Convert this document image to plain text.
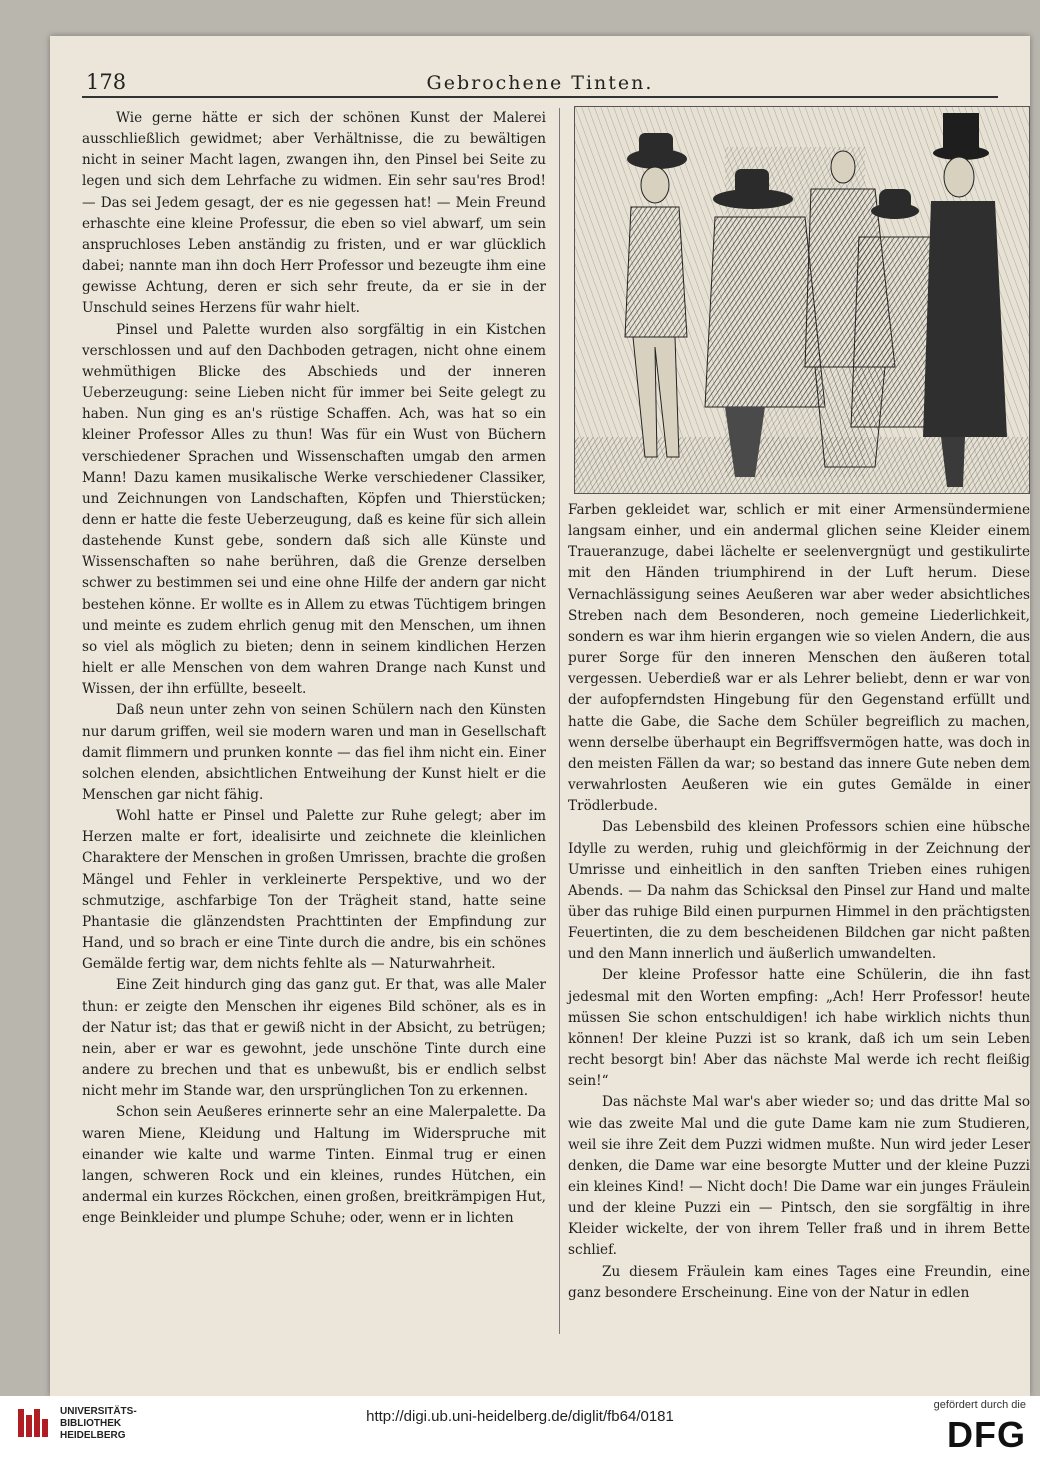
178	Gebrochene Tinten.

Wie gerne hätte er sich der schönen Kunst der Malerei ausschließlich gewidmet; aber Verhältnisse, die zu bewältigen nicht in seiner Macht lagen, zwangen ihn, den Pinsel bei Seite zu legen und sich dem Lehrfache zu widmen. Ein sehr sau'res Brod! — Das sei Jedem gesagt, der es nie gegessen hat! — Mein Freund erhaschte eine kleine Professur, die eben so viel abwarf, um sein anspruchloses Leben anständig zu fristen, und er war glücklich dabei; nannte man ihn doch Herr Professor und bezeugte ihm eine gewisse Achtung, deren er sich sehr freute, da er sie in der Unschuld seines Herzens für wahr hielt.

Pinsel und Palette wurden also sorgfältig in ein Kistchen verschlossen und auf den Dachboden getragen, nicht ohne einem wehmüthigen Blicke des Abschieds und der inneren Ueberzeugung: seine Lieben nicht für immer bei Seite gelegt zu haben. Nun ging es an's rüstige Schaffen. Ach, was hat so ein kleiner Professor Alles zu thun! Was für ein Wust von Büchern verschiedener Sprachen und Wissenschaften umgab den armen Mann! Dazu kamen musikalische Werke verschiedener Classiker, und Zeichnungen von Landschaften, Köpfen und Thierstücken; denn er hatte die feste Ueberzeugung, daß es keine für sich allein dastehende Kunst gebe, sondern daß sich alle Künste und Wissenschaften so nahe berühren, daß die Grenze derselben schwer zu bestimmen sei und eine ohne Hilfe der andern gar nicht bestehen könne. Er wollte es in Allem zu etwas Tüchtigem bringen und meinte es zudem ehrlich genug mit den Menschen, um ihnen so viel als möglich zu bieten; denn in seinem kindlichen Herzen hielt er alle Menschen von dem wahren Drange nach Kunst und Wissen, der ihn erfüllte, beseelt.

Daß neun unter zehn von seinen Schülern nach den Künsten nur darum griffen, weil sie modern waren und man in Gesellschaft damit flimmern und prunken konnte — das fiel ihm nicht ein. Einer solchen elenden, absichtlichen Entweihung der Kunst hielt er die Menschen gar nicht fähig.

Wohl hatte er Pinsel und Palette zur Ruhe gelegt; aber im Herzen malte er fort, idealisirte und zeichnete die kleinlichen Charaktere der Menschen in großen Umrissen, brachte die großen Mängel und Fehler in verkleinerte Perspektive, und wo der schmutzige, aschfarbige Ton der Trägheit stand, hatte seine Phantasie die glänzendsten Prachttinten der Empfindung zur Hand, und so brach er eine Tinte durch die andre, bis ein schönes Gemälde fertig war, dem nichts fehlte als — Naturwahrheit.

Eine Zeit hindurch ging das ganz gut. Er that, was alle Maler thun: er zeigte den Menschen ihr eigenes Bild schöner, als es in der Natur ist; das that er gewiß nicht in der Absicht, zu betrügen; nein, aber er war es gewohnt, jede unschöne Tinte durch eine andere zu brechen und that es unbewußt, bis er endlich selbst nicht mehr im Stande war, den ursprünglichen Ton zu erkennen.

Schon sein Aeußeres erinnerte sehr an eine Malerpalette. Da waren Miene, Kleidung und Haltung im Widerspruche mit einander wie kalte und warme Tinten. Einmal trug er einen langen, schweren Rock und ein kleines, rundes Hütchen, ein andermal ein kurzes Röckchen, einen großen, breitkrämpigen Hut, enge Beinkleider und plumpe Schuhe; oder, wenn er in lichten

Farben gekleidet war, schlich er mit einer Armensündermiene langsam einher, und ein andermal glichen seine Kleider einem Traueranzuge, dabei lächelte er seelenvergnügt und gestikulirte mit den Händen triumphirend in der Luft herum. Diese Vernachlässigung seines Aeußeren war aber weder absichtliches Streben nach dem Besonderen, noch gemeine Liederlichkeit, sondern es war ihm hierin ergangen wie so vielen Andern, die aus purer Sorge für den inneren Menschen den äußeren total vergessen. Ueberdieß war er als Lehrer beliebt, denn er war von der aufopferndsten Hingebung für den Gegenstand erfüllt und hatte die Gabe, die Sache dem Schüler begreiflich zu machen, wenn derselbe überhaupt ein Begriffsvermögen hatte, was doch in den meisten Fällen da war; so bestand das innere Gute neben dem verwahrlosten Aeußeren wie ein gutes Gemälde in einer Trödlerbude.

Das Lebensbild des kleinen Professors schien eine hübsche Idylle zu werden, ruhig und gleichförmig in der Zeichnung der Umrisse und einheitlich in den sanften Trieben eines ruhigen Abends. — Da nahm das Schicksal den Pinsel zur Hand und malte über das ruhige Bild einen purpurnen Himmel in den prächtigsten Feuertinten, die zu dem bescheidenen Bildchen gar nicht paßten und den Mann innerlich und äußerlich umwandelten.

Der kleine Professor hatte eine Schülerin, die ihn fast jedesmal mit den Worten empfing: „Ach! Herr Professor! heute müssen Sie schon entschuldigen! ich habe wirklich nichts thun können! Der kleine Puzzi ist so krank, daß ich um sein Leben recht besorgt bin! Aber das nächste Mal werde ich recht fleißig sein!“

Das nächste Mal war's aber wieder so; und das dritte Mal so wie das zweite Mal und die gute Dame kam nie zum Studieren, weil sie ihre Zeit dem Puzzi widmen mußte. Nun wird jeder Leser denken, die Dame war eine besorgte Mutter und der kleine Puzzi ein kleines Kind! — Nicht doch! Die Dame war ein junges Fräulein und der kleine Puzzi ein — Pintsch, den sie sorgfältig in ihre Kleider wickelte, der von ihrem Teller fraß und in ihrem Bette schlief.

Zu diesem Fräulein kam eines Tages eine Freundin, eine ganz besondere Erscheinung. Eine von der Natur in edlen

UNIVERSITÄTS-
BIBLIOTHEK
HEIDELBERG
http://digi.ub.uni-heidelberg.de/diglit/fb64/0181
gefördert durch die
DFG
